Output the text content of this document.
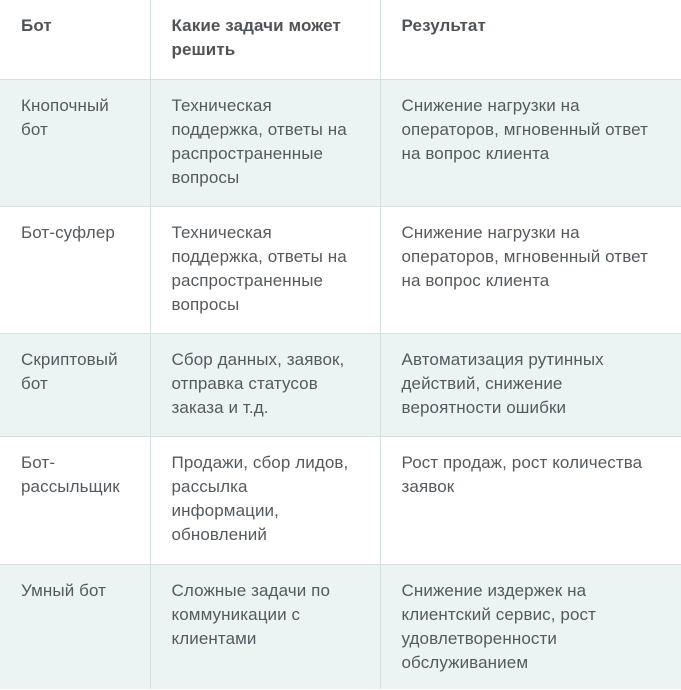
Бот	Какие задачи может решить	Результат
Кнопочный бот	Техническая поддержка, ответы на распространенные вопросы	Снижение нагрузки на операторов, мгновенный ответ на вопрос клиента
Бот-суфлер	Техническая поддержка, ответы на распространенные вопросы	Снижение нагрузки на операторов, мгновенный ответ на вопрос клиента
Скриптовый бот	Сбор данных, заявок, отправка статусов заказа и т.д.	Автоматизация рутинных действий, снижение вероятности ошибки
Бот-рассыльщик	Продажи, сбор лидов, рассылка информации, обновлений	Рост продаж, рост количества заявок
Умный бот	Сложные задачи по коммуникации с клиентами	Снижение издержек на клиентский сервис, рост удовлетворенности обслуживанием
